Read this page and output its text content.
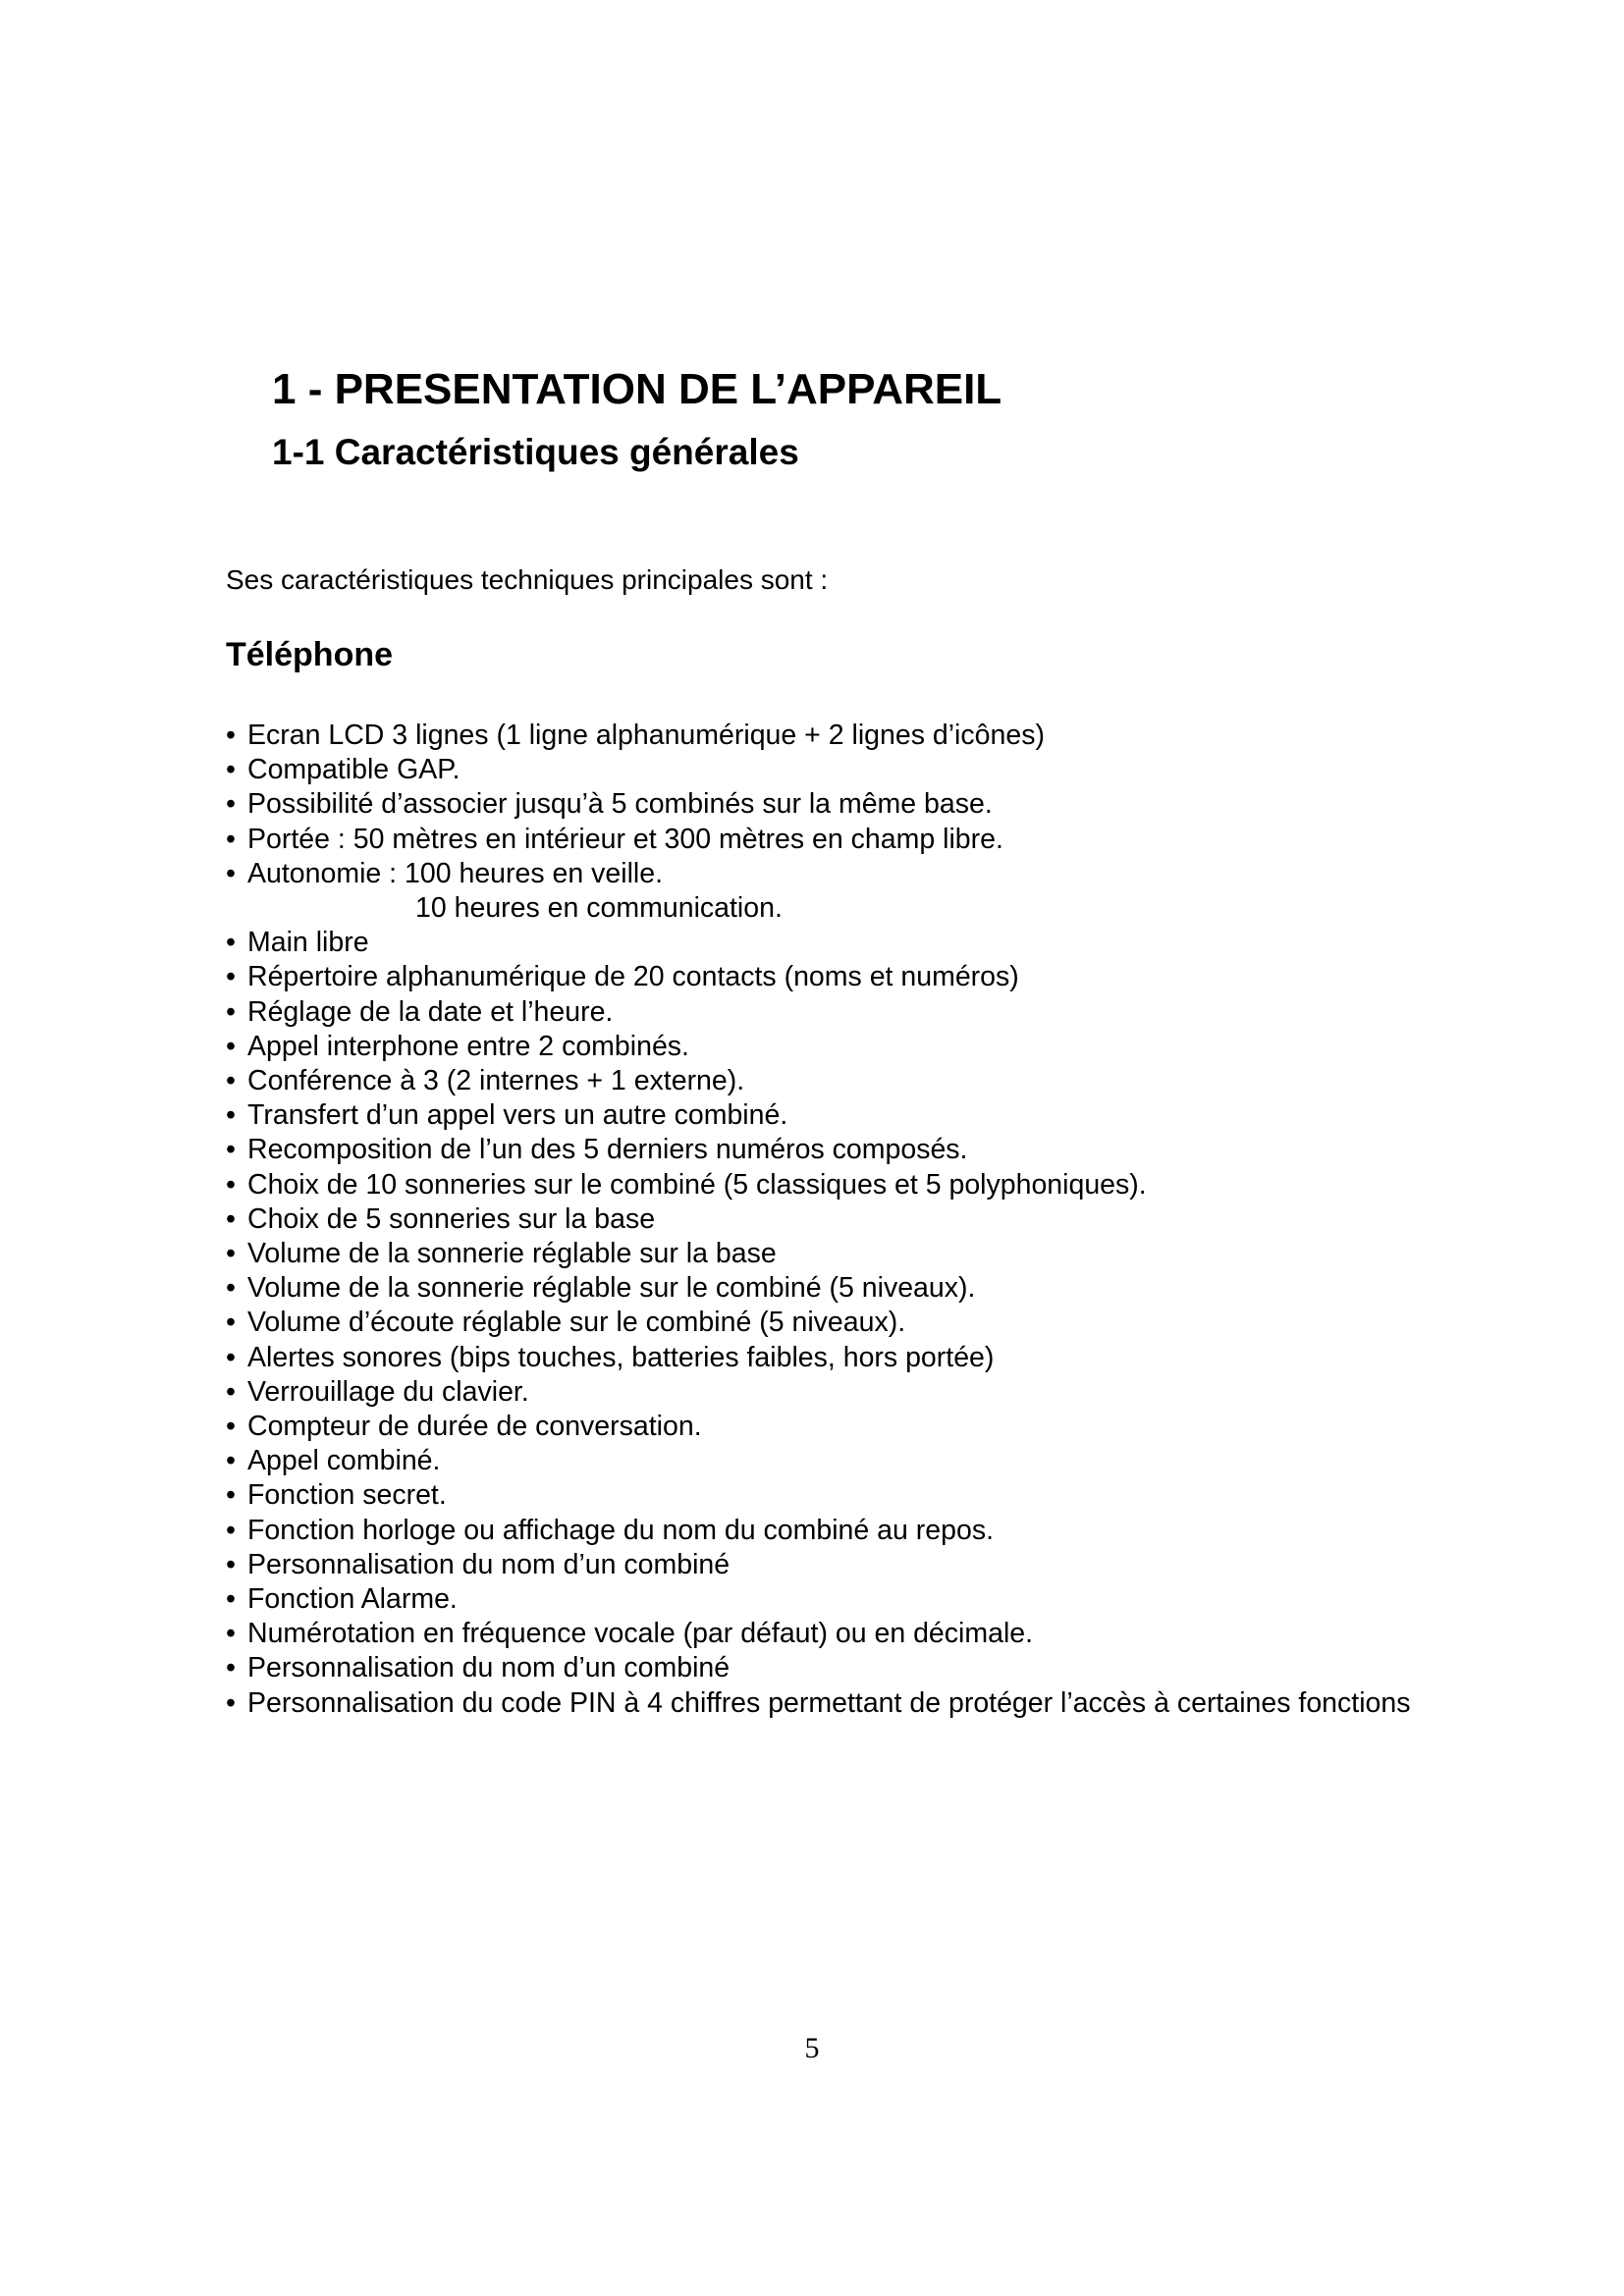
1 - PRESENTATION DE L’APPAREIL
1-1 Caractéristiques générales

Ses caractéristiques techniques principales sont :

Téléphone
• Ecran LCD 3 lignes (1 ligne alphanumérique + 2 lignes d’icônes)
• Compatible GAP.
• Possibilité d’associer jusqu’à 5 combinés sur la même base.
• Portée : 50 mètres en intérieur et 300 mètres en champ libre.
• Autonomie : 100 heures en veille.
10 heures en communication.
• Main libre
• Répertoire alphanumérique de 20 contacts (noms et numéros)
• Réglage de la date et l’heure.
• Appel interphone entre 2 combinés.
• Conférence à 3 (2 internes + 1 externe).
• Transfert d’un appel vers un autre combiné.
• Recomposition de l’un des 5 derniers numéros composés.
• Choix de 10 sonneries sur le combiné (5 classiques et 5 polyphoniques).
• Choix de 5 sonneries sur la base
• Volume de la sonnerie réglable sur la base
• Volume de la sonnerie réglable sur le combiné (5 niveaux).
• Volume d’écoute réglable sur le combiné (5 niveaux).
• Alertes sonores (bips touches, batteries faibles, hors portée)
• Verrouillage du clavier.
• Compteur de durée de conversation.
• Appel combiné.
• Fonction secret.
• Fonction horloge ou affichage du nom du combiné au repos.
• Personnalisation du nom d’un combiné
• Fonction Alarme.
• Numérotation en fréquence vocale (par défaut) ou en décimale.
• Personnalisation du nom d’un combiné
• Personnalisation du code PIN à 4 chiffres permettant de protéger l’accès à certaines fonctions
5
